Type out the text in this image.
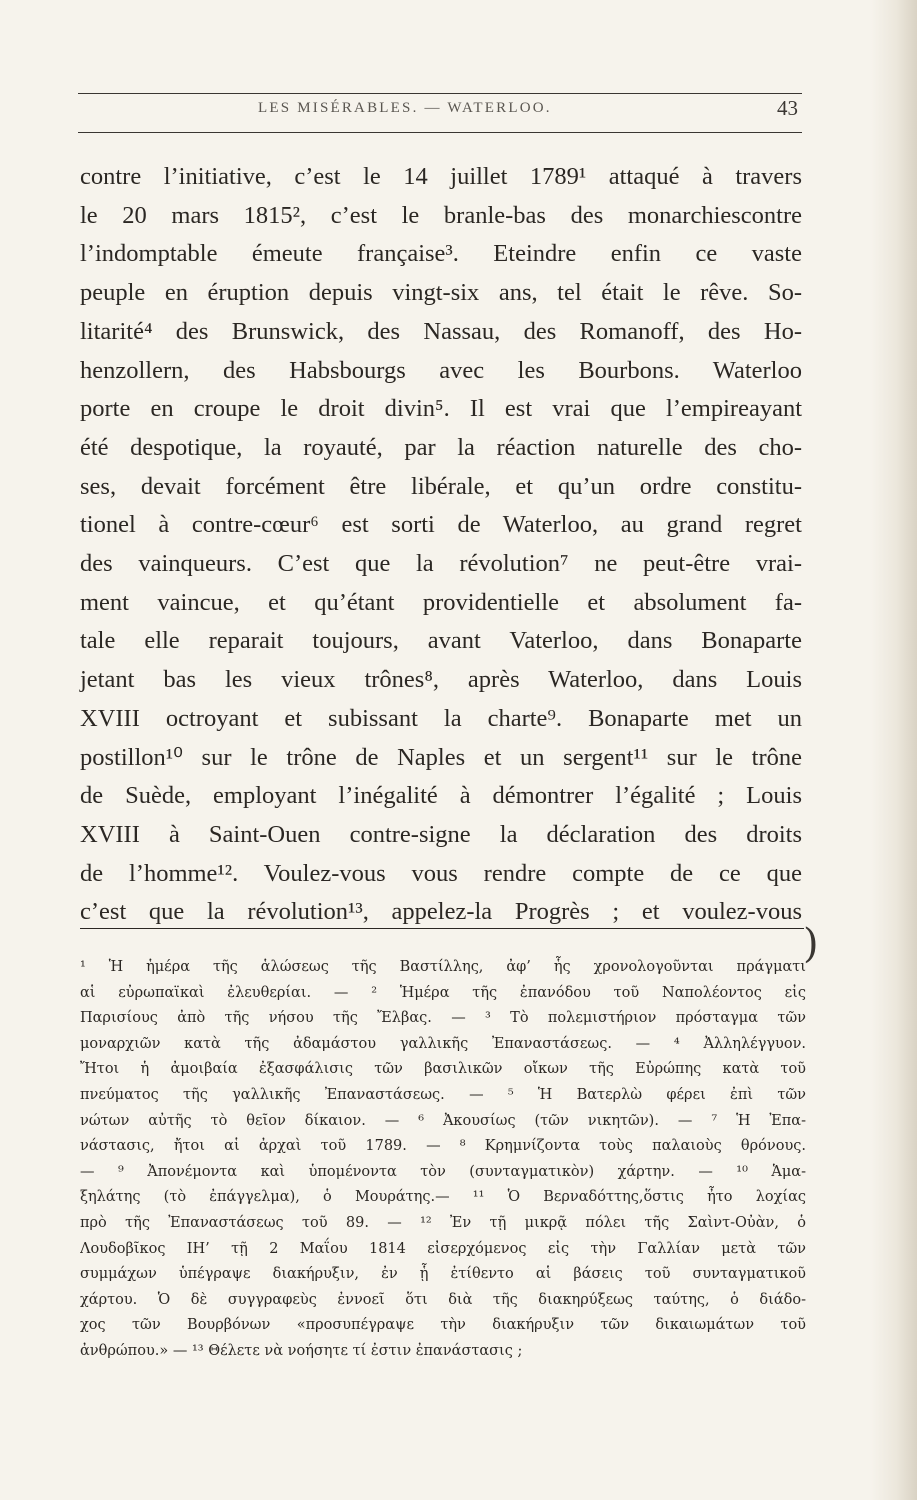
LES MISÉRABLES. — WATERLOO.	43
contre l’initiative, c’est le 14 juillet 1789¹ attaqué à travers
le 20 mars 1815², c’est le branle-bas des monarchiescontre
l’indomptable émeute française³. Eteindre enfin ce vaste
peuple en éruption depuis vingt-six ans, tel était le rêve. So-
litarité⁴ des Brunswick, des Nassau, des Romanoff, des Ho-
henzollern, des Habsbourgs avec les Bourbons. Waterloo
porte en croupe le droit divin⁵. Il est vrai que l’empireayant
été despotique, la royauté, par la réaction naturelle des cho-
ses, devait forcément être libérale, et qu’un ordre constitu-
tionel à contre-cœur⁶ est sorti de Waterloo, au grand regret
des vainqueurs. C’est que la révolution⁷ ne peut-être vrai-
ment vaincue, et qu’étant providentielle et absolument fa-
tale elle reparait toujours, avant Vaterloo, dans Bonaparte
jetant bas les vieux trônes⁸, après Waterloo, dans Louis
XVIII octroyant et subissant la charte⁹. Bonaparte met un
postillon¹⁰ sur le trône de Naples et un sergent¹¹ sur le trône
de Suède, employant l’inégalité à démontrer l’égalité ; Louis
XVIII à Saint-Ouen contre-signe la déclaration des droits
de l’homme¹². Voulez-vous vous rendre compte de ce que
c’est que la révolution¹³, appelez-la Progrès ; et voulez-vous
)
¹ Ἡ ἡμέρα τῆς ἁλώσεως τῆς Βαστίλλης, ἀφ’ ἧς χρονολογοῦνται πράγματι
αἱ εὐρωπαϊκαὶ ἐλευθερίαι. — ² Ἡμέρα τῆς ἐπανόδου τοῦ Ναπολέοντος εἰς
Παρισίους ἀπὸ τῆς νήσου τῆς Ἔλβας. — ³ Τὸ πολεμιστήριον πρόσταγμα τῶν
μοναρχιῶν κατὰ τῆς ἀδαμάστου γαλλικῆς Ἐπαναστάσεως. — ⁴ Ἀλληλέγγυον.
Ἤτοι ἡ ἀμοιβαία ἐξασφάλισις τῶν βασιλικῶν οἴκων τῆς Εὐρώπης κατὰ τοῦ
πνεύματος τῆς γαλλικῆς Ἐπαναστάσεως. — ⁵ Ἡ Βατερλὼ φέρει ἐπὶ τῶν
νώτων αὐτῆς τὸ θεῖον δίκαιον. — ⁶ Ἀκουσίως (τῶν νικητῶν). — ⁷ Ἡ Ἐπα-
νάστασις, ἤτοι αἱ ἀρχαὶ τοῦ 1789. — ⁸ Κρημνίζοντα τοὺς παλαιοὺς θρόνους.
— ⁹ Ἀπονέμοντα καὶ ὑπομένοντα τὸν (συνταγματικὸν) χάρτην. — ¹⁰ Ἁμα-
ξηλάτης (τὸ ἐπάγγελμα), ὁ Μουράτης.— ¹¹ Ὁ Βερναδόττης,ὅστις ἦτο λοχίας
πρὸ τῆς Ἐπαναστάσεως τοῦ 89. — ¹² Ἐν τῇ μικρᾷ πόλει τῆς Σαὶντ-Οὐὰν, ὁ
Λουδοβῖκος ΙΗ’ τῇ 2 Μαΐου 1814 εἰσερχόμενος εἰς τὴν Γαλλίαν μετὰ τῶν
συμμάχων ὑπέγραψε διακήρυξιν, ἐν ᾗ ἐτίθεντο αἱ βάσεις τοῦ συνταγματικοῦ
χάρτου. Ὁ δὲ συγγραφεὺς ἐννοεῖ ὅτι διὰ τῆς διακηρύξεως ταύτης, ὁ διάδο-
χος τῶν Βουρβόνων «προσυπέγραψε τὴν διακήρυξιν τῶν δικαιωμάτων τοῦ
ἀνθρώπου.» — ¹³ Θέλετε νὰ νοήσητε τί ἐστιν ἐπανάστασις ;
